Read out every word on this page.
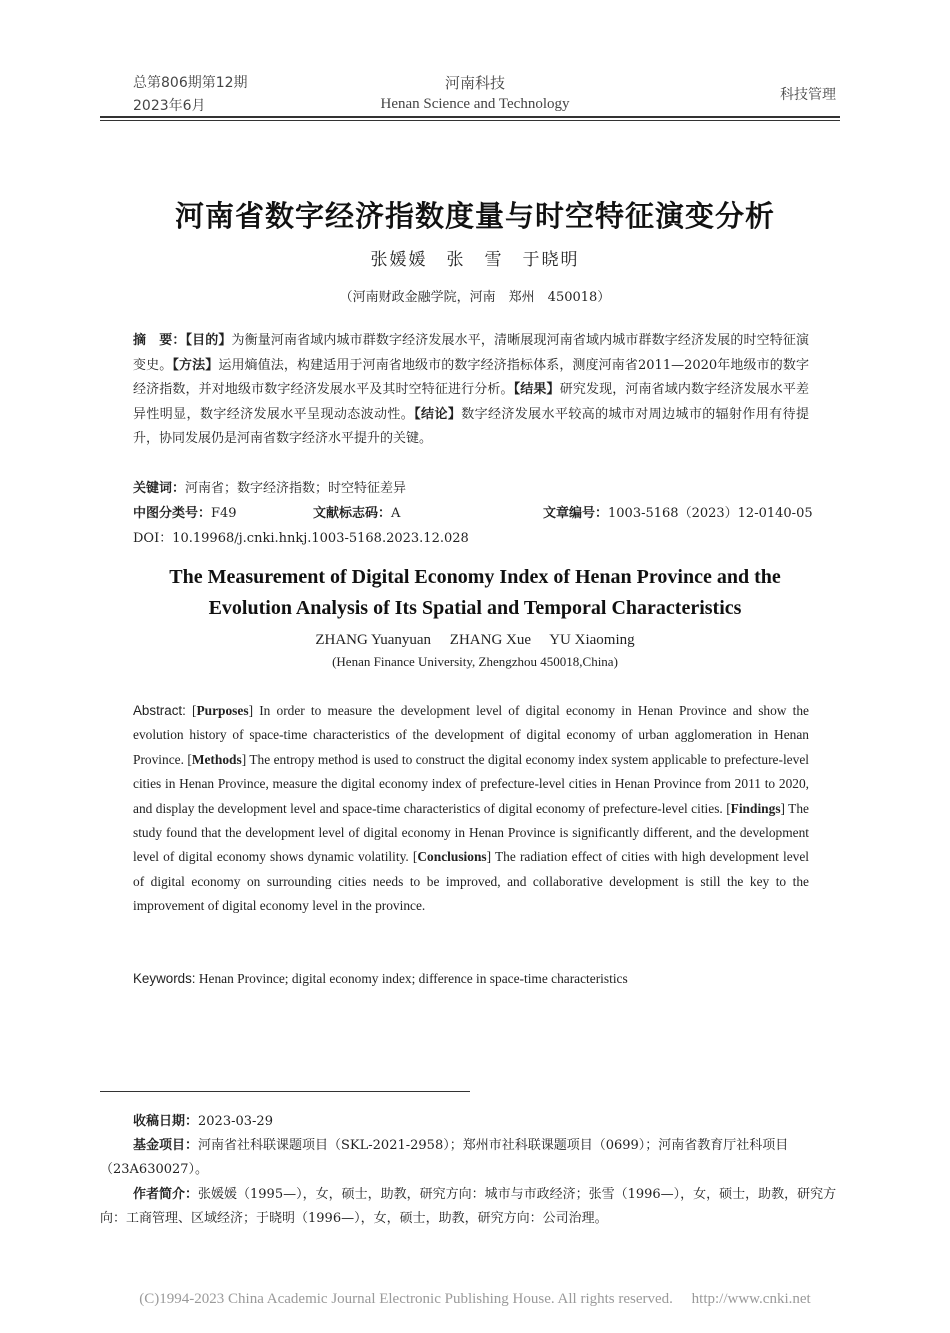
总第806期第12期
2023年6月
河南科技
Henan Science and Technology
科技管理
河南省数字经济指数度量与时空特征演变分析
张媛媛　张　雪　于晓明
（河南财政金融学院，河南　郑州　450018）
摘　要：【目的】为衡量河南省域内城市群数字经济发展水平，清晰展现河南省域内城市群数字经济发展的时空特征演变史。【方法】运用熵值法，构建适用于河南省地级市的数字经济指标体系，测度河南省2011—2020年地级市的数字经济指数，并对地级市数字经济发展水平及其时空特征进行分析。【结果】研究发现，河南省域内数字经济发展水平差异性明显，数字经济发展水平呈现动态波动性。【结论】数字经济发展水平较高的城市对周边城市的辐射作用有待提升，协同发展仍是河南省数字经济水平提升的关键。
关键词：河南省；数字经济指数；时空特征差异
中图分类号：F49	文献标志码：A	文章编号：1003-5168（2023）12-0140-05
DOI：10.19968/j.cnki.hnkj.1003-5168.2023.12.028
The Measurement of Digital Economy Index of Henan Province and the
Evolution Analysis of Its Spatial and Temporal Characteristics
ZHANG Yuanyuan　 ZHANG Xue　 YU Xiaoming
(Henan Finance University, Zhengzhou 450018,China)
Abstract: [Purposes] In order to measure the development level of digital economy in Henan Province and show the evolution history of space-time characteristics of the development of digital economy of urban agglomeration in Henan Province. [Methods] The entropy method is used to construct the digital economy index system applicable to prefecture-level cities in Henan Province, measure the digital economy index of prefecture-level cities in Henan Province from 2011 to 2020, and display the development level and space-time characteristics of digital economy of prefecture-level cities. [Findings] The study found that the development level of digital economy in Henan Province is significantly different, and the development level of digital economy shows dynamic volatility. [Conclusions] The radiation effect of cities with high development level of digital economy on surrounding cities needs to be improved, and collaborative development is still the key to the improvement of digital economy level in the province.
Keywords: Henan Province; digital economy index; difference in space-time characteristics
收稿日期：2023-03-29
基金项目：河南省社科联课题项目（SKL-2021-2958）；郑州市社科联课题项目（0699）；河南省教育厅社科项目（23A630027）。
作者简介：张媛媛（1995—），女，硕士，助教，研究方向：城市与市政经济；张雪（1996—），女，硕士，助教，研究方向：工商管理、区域经济；于晓明（1996—），女，硕士，助教，研究方向：公司治理。
(C)1994-2023 China Academic Journal Electronic Publishing House. All rights reserved.　 http://www.cnki.net
